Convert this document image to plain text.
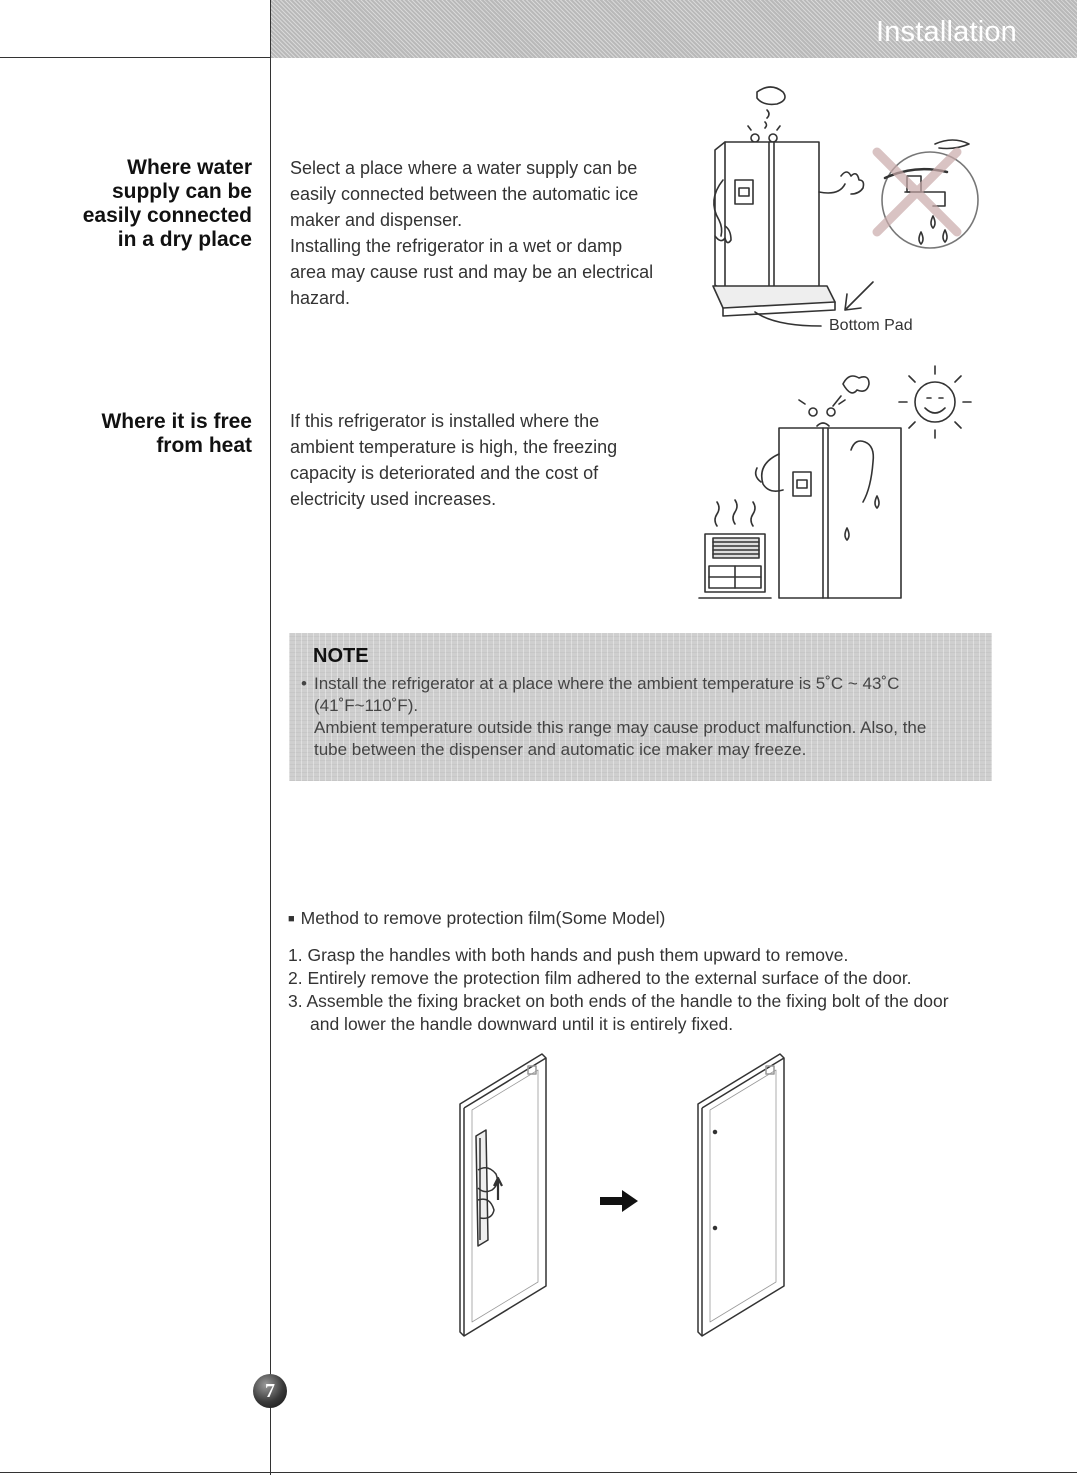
Installation
Where water
supply can be
easily connected
in a dry place
Select a place where a water supply can be
easily connected between the automatic ice
maker and dispenser.
Installing the refrigerator in a wet or damp
area may cause rust and may be an electrical
hazard.
Bottom Pad
Where it is free
from heat
If this refrigerator is installed where the
ambient temperature is high, the freezing
capacity is deteriorated and the cost of
electricity used increases.
NOTE
• Install the refrigerator at a place where the ambient temperature is 5˚C ~ 43˚C
(41˚F~110˚F).
Ambient temperature outside this range may cause product malfunction. Also, the
tube between the dispenser and automatic ice maker may freeze.
■ Method to remove protection film(Some Model)
1. Grasp the handles with both hands and push them upward to remove.
2. Entirely remove the protection film adhered to the external surface of the door.
3. Assemble the fixing bracket on both ends of the handle to the fixing bolt of the door
and lower the handle downward until it is entirely fixed.
7
